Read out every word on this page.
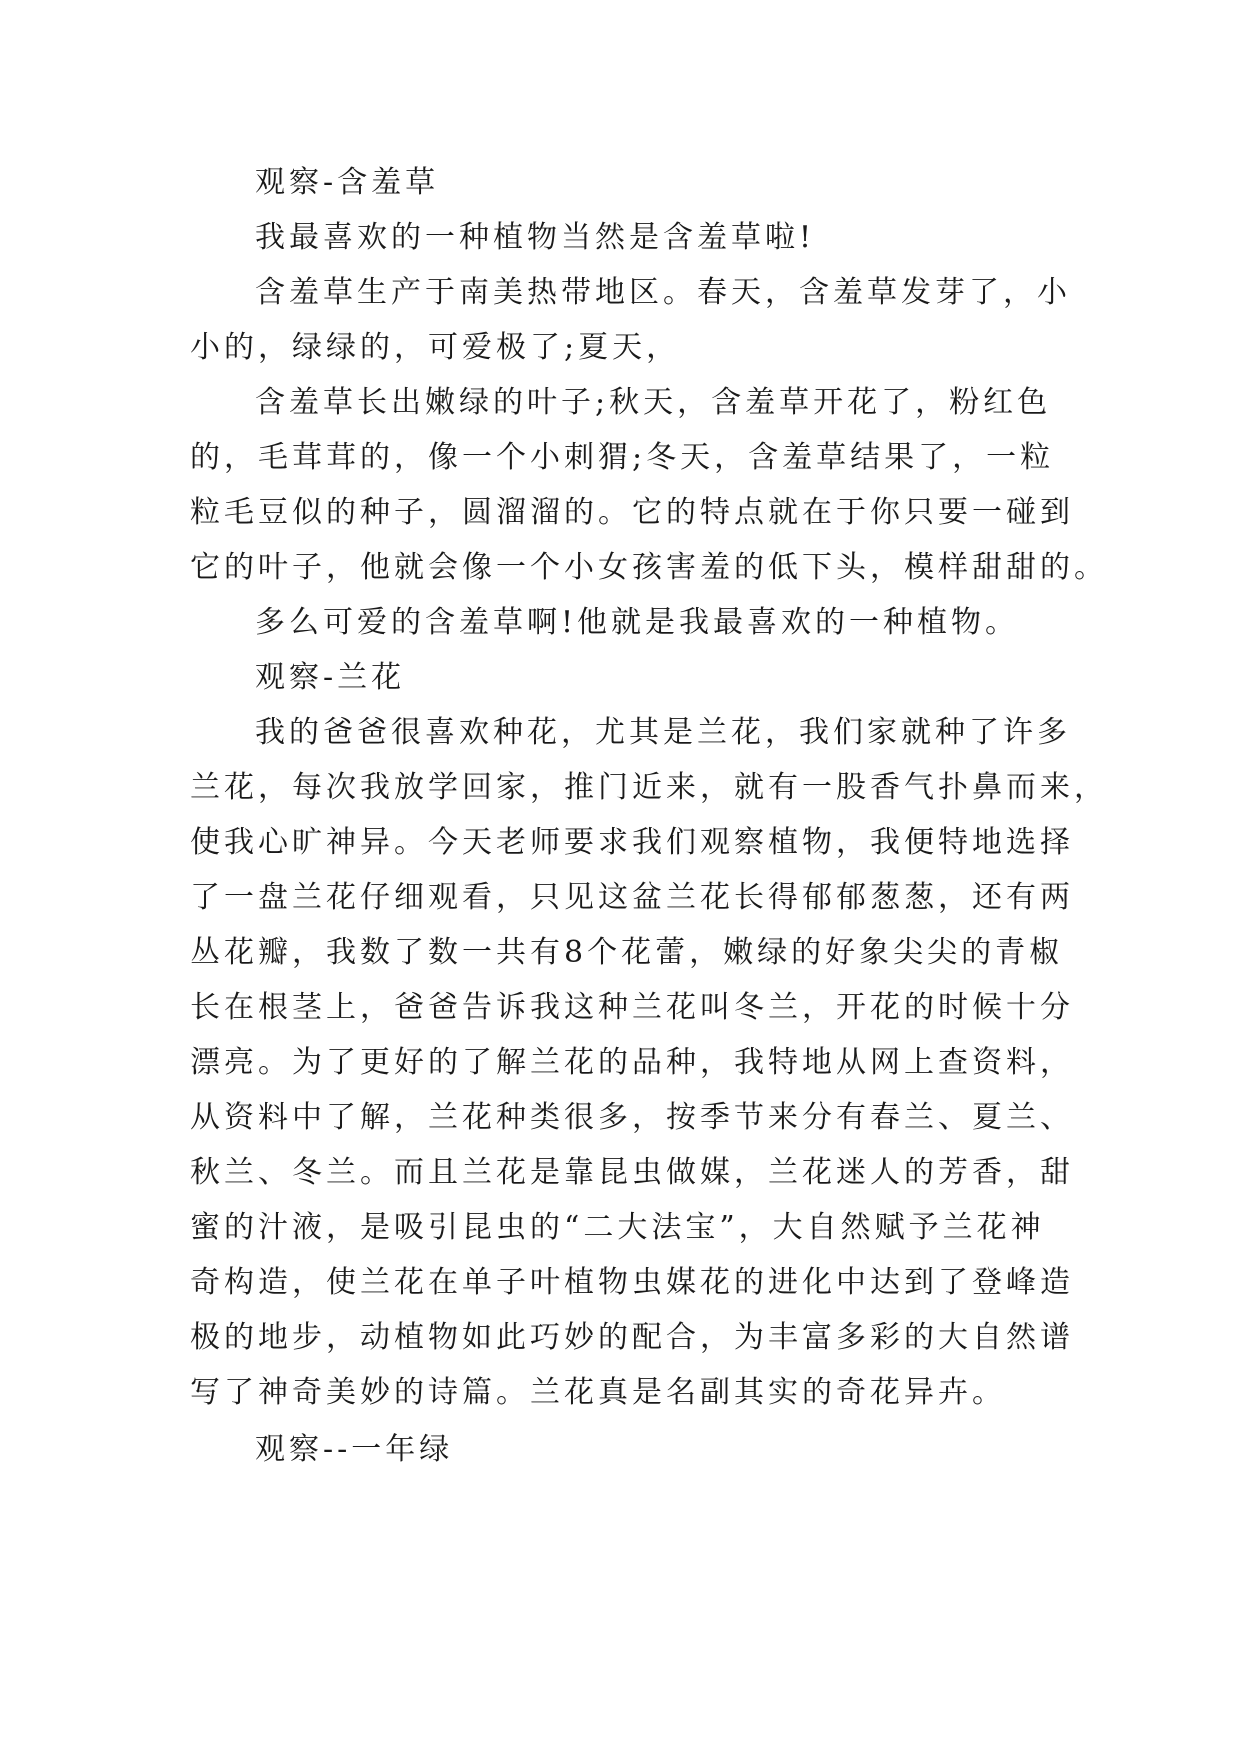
观察-含羞草

我最喜欢的一种植物当然是含羞草啦!

含羞草生产于南美热带地区。春天，含羞草发芽了，小

小的，绿绿的，可爱极了;夏天，

含羞草长出嫩绿的叶子;秋天，含羞草开花了，粉红色

的，毛茸茸的，像一个小刺猬;冬天，含羞草结果了，一粒

粒毛豆似的种子，圆溜溜的。它的特点就在于你只要一碰到

它的叶子，他就会像一个小女孩害羞的低下头，模样甜甜的。

多么可爱的含羞草啊!他就是我最喜欢的一种植物。

观察-兰花

我的爸爸很喜欢种花，尤其是兰花，我们家就种了许多

兰花，每次我放学回家，推门近来，就有一股香气扑鼻而来，

使我心旷神异。今天老师要求我们观察植物，我便特地选择

了一盘兰花仔细观看，只见这盆兰花长得郁郁葱葱，还有两

丛花瓣，我数了数一共有8个花蕾，嫩绿的好象尖尖的青椒

长在根茎上，爸爸告诉我这种兰花叫冬兰，开花的时候十分

漂亮。为了更好的了解兰花的品种，我特地从网上查资料，

从资料中了解，兰花种类很多，按季节来分有春兰、夏兰、

秋兰、冬兰。而且兰花是靠昆虫做媒，兰花迷人的芳香，甜

蜜的汁液，是吸引昆虫的“二大法宝”，大自然赋予兰花神

奇构造，使兰花在单子叶植物虫媒花的进化中达到了登峰造

极的地步，动植物如此巧妙的配合，为丰富多彩的大自然谱

写了神奇美妙的诗篇。兰花真是名副其实的奇花异卉。

观察--一年绿
